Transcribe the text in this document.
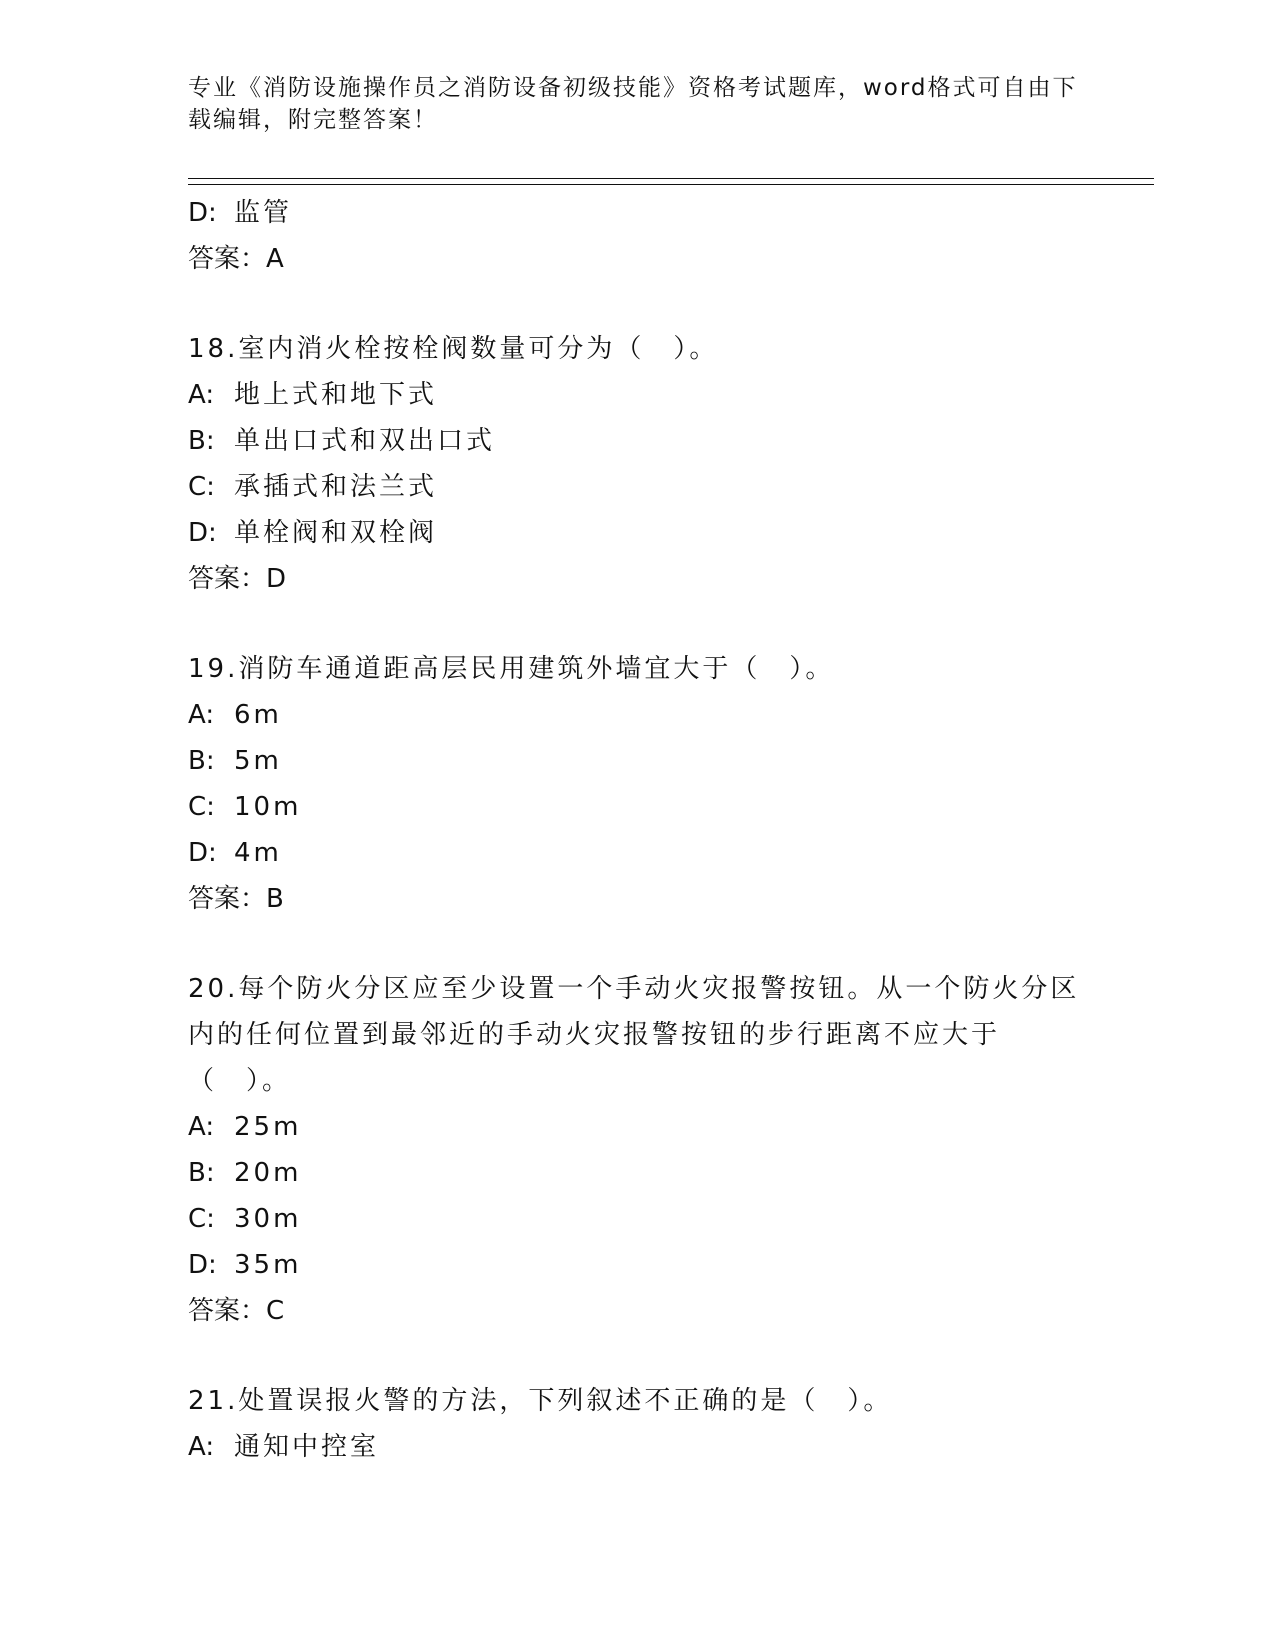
专业《消防设施操作员之消防设备初级技能》资格考试题库，word格式可自由下载编辑，附完整答案！
D: 监管
答案：A
18.室内消火栓按栓阀数量可分为（　）。
A: 地上式和地下式
B: 单出口式和双出口式
C: 承插式和法兰式
D: 单栓阀和双栓阀
答案：D
19.消防车通道距高层民用建筑外墙宜大于（　）。
A: 6m
B: 5m
C: 10m
D: 4m
答案：B
20.每个防火分区应至少设置一个手动火灾报警按钮。从一个防火分区内的任何位置到最邻近的手动火灾报警按钮的步行距离不应大于（　）。
A: 25m
B: 20m
C: 30m
D: 35m
答案：C
21.处置误报火警的方法，下列叙述不正确的是（　）。
A: 通知中控室
